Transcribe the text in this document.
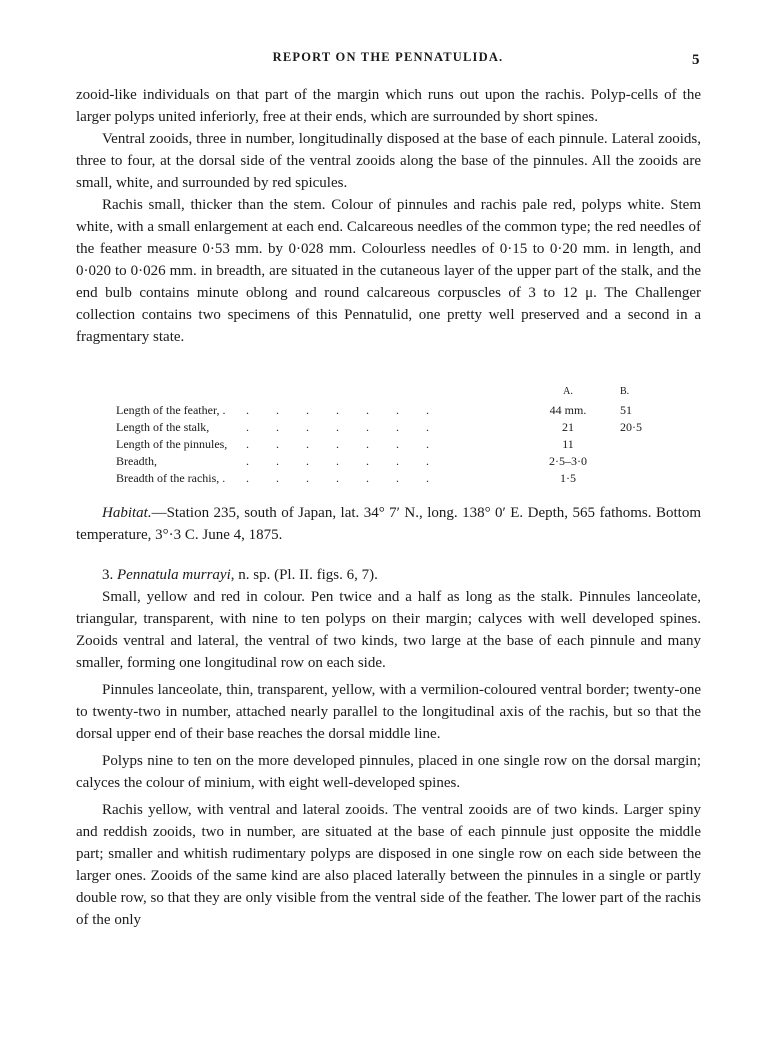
REPORT ON THE PENNATULIDA.	5

zooid-like individuals on that part of the margin which runs out upon the rachis. Polyp-cells of the larger polyps united inferiorly, free at their ends, which are surrounded by short spines.

Ventral zooids, three in number, longitudinally disposed at the base of each pinnule. Lateral zooids, three to four, at the dorsal side of the ventral zooids along the base of the pinnules. All the zooids are small, white, and surrounded by red spicules.

Rachis small, thicker than the stem. Colour of pinnules and rachis pale red, polyps white. Stem white, with a small enlargement at each end. Calcareous needles of the common type; the red needles of the feather measure 0·53 mm. by 0·028 mm. Colourless needles of 0·15 to 0·20 mm. in length, and 0·020 to 0·026 mm. in breadth, are situated in the cutaneous layer of the upper part of the stalk, and the end bulb contains minute oblong and round calcareous corpuscles of 3 to 12 μ. The Challenger collection contains two specimens of this Pennatulid, one pretty well preserved and a second in a fragmentary state.

A.	B.
Length of the feather, . .......	44 mm.	51
Length of the stalk,	.......	21	20·5
Length of the pinnules, .......	11
Breadth,	.......	2·5–3·0
Breadth of the rachis, . .......	1·5

Habitat.—Station 235, south of Japan, lat. 34° 7′ N., long. 138° 0′ E. Depth, 565 fathoms. Bottom temperature, 3°·3 C. June 4, 1875.

3. Pennatula murrayi, n. sp. (Pl. II. figs. 6, 7).

Small, yellow and red in colour. Pen twice and a half as long as the stalk. Pinnules lanceolate, triangular, transparent, with nine to ten polyps on their margin; calyces with well developed spines. Zooids ventral and lateral, the ventral of two kinds, two large at the base of each pinnule and many smaller, forming one longitudinal row on each side.

Pinnules lanceolate, thin, transparent, yellow, with a vermilion-coloured ventral border; twenty-one to twenty-two in number, attached nearly parallel to the longitudinal axis of the rachis, but so that the dorsal upper end of their base reaches the dorsal middle line.

Polyps nine to ten on the more developed pinnules, placed in one single row on the dorsal margin; calyces the colour of minium, with eight well-developed spines.

Rachis yellow, with ventral and lateral zooids. The ventral zooids are of two kinds. Larger spiny and reddish zooids, two in number, are situated at the base of each pinnule just opposite the middle part; smaller and whitish rudimentary polyps are disposed in one single row on each side between the larger ones. Zooids of the same kind are also placed laterally between the pinnules in a single or partly double row, so that they are only visible from the ventral side of the feather. The lower part of the rachis of the only
